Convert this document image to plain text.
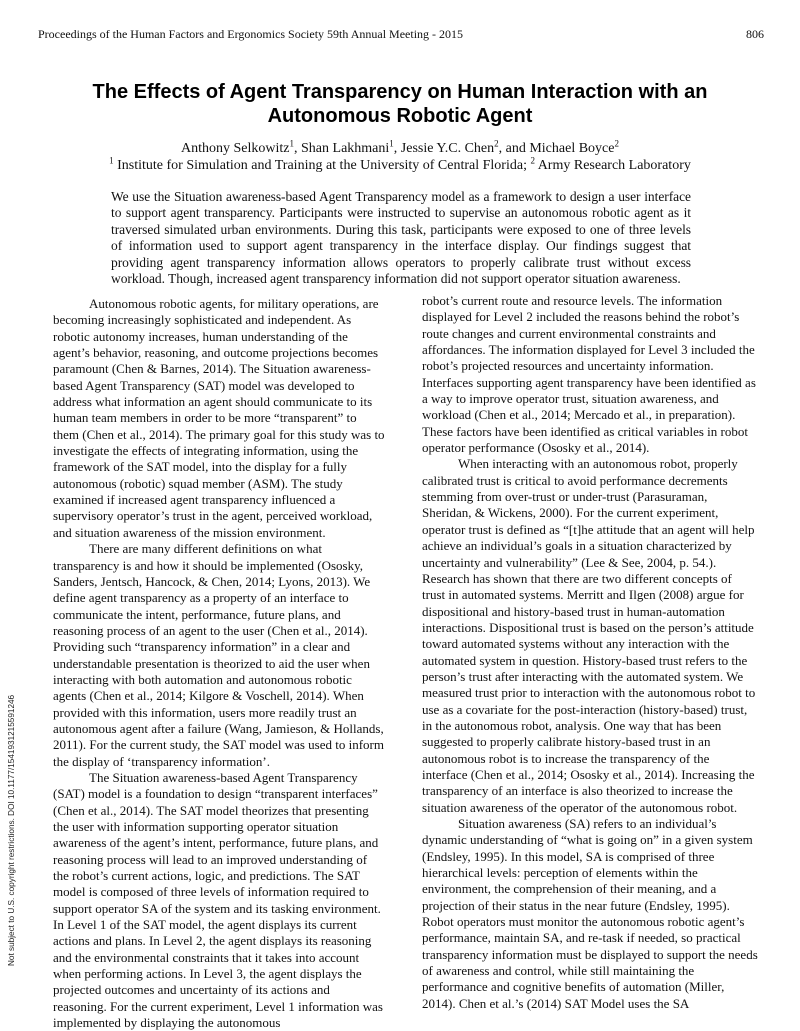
Proceedings of the Human Factors and Ergonomics Society 59th Annual Meeting - 2015	806
The Effects of Agent Transparency on Human Interaction with an Autonomous Robotic Agent
Anthony Selkowitz$^1$, Shan Lakhmani$^1$, Jessie Y.C. Chen$^2$, and Michael Boyce$^2$
$^1$ Institute for Simulation and Training at the University of Central Florida; $^2$ Army Research Laboratory
We use the Situation awareness-based Agent Transparency model as a framework to design a user interface to support agent transparency. Participants were instructed to supervise an autonomous robotic agent as it traversed simulated urban environments. During this task, participants were exposed to one of three levels of information used to support agent transparency in the interface display. Our findings suggest that providing agent transparency information allows operators to properly calibrate trust without excess workload. Though, increased agent transparency information did not support operator situation awareness.

Autonomous robotic agents, for military operations, are becoming increasingly sophisticated and independent. As robotic autonomy increases, human understanding of the agent’s behavior, reasoning, and outcome projections becomes paramount (Chen & Barnes, 2014). The Situation awareness-based Agent Transparency (SAT) model was developed to address what information an agent should communicate to its human team members in order to be more “transparent” to them (Chen et al., 2014). The primary goal for this study was to investigate the effects of integrating information, using the framework of the SAT model, into the display for a fully autonomous (robotic) squad member (ASM). The study examined if increased agent transparency influenced a supervisory operator’s trust in the agent, perceived workload, and situation awareness of the mission environment.

There are many different definitions on what transparency is and how it should be implemented (Ososky, Sanders, Jentsch, Hancock, & Chen, 2014; Lyons, 2013). We define agent transparency as a property of an interface to communicate the intent, performance, future plans, and reasoning process of an agent to the user (Chen et al., 2014). Providing such “transparency information” in a clear and understandable presentation is theorized to aid the user when interacting with both automation and autonomous robotic agents (Chen et al., 2014; Kilgore & Voschell, 2014). When provided with this information, users more readily trust an autonomous agent after a failure (Wang, Jamieson, & Hollands, 2011). For the current study, the SAT model was used to inform the display of ‘transparency information’.

The Situation awareness-based Agent Transparency (SAT) model is a foundation to design “transparent interfaces” (Chen et al., 2014). The SAT model theorizes that presenting the user with information supporting operator situation awareness of the agent’s intent, performance, future plans, and reasoning process will lead to an improved understanding of the robot’s current actions, logic, and predictions. The SAT model is composed of three levels of information required to support operator SA of the system and its tasking environment. In Level 1 of the SAT model, the agent displays its current actions and plans. In Level 2, the agent displays its reasoning and the environmental constraints that it takes into account when performing actions. In Level 3, the agent displays the projected outcomes and uncertainty of its actions and reasoning. For the current experiment, Level 1 information was implemented by displaying the autonomous

robot’s current route and resource levels. The information displayed for Level 2 included the reasons behind the robot’s route changes and current environmental constraints and affordances. The information displayed for Level 3 included the robot’s projected resources and uncertainty information. Interfaces supporting agent transparency have been identified as a way to improve operator trust, situation awareness, and workload (Chen et al., 2014; Mercado et al., in preparation). These factors have been identified as critical variables in robot operator performance (Ososky et al., 2014).

When interacting with an autonomous robot, properly calibrated trust is critical to avoid performance decrements stemming from over-trust or under-trust (Parasuraman, Sheridan, & Wickens, 2000). For the current experiment, operator trust is defined as “[t]he attitude that an agent will help achieve an individual’s goals in a situation characterized by uncertainty and vulnerability” (Lee & See, 2004, p. 54.). Research has shown that there are two different concepts of trust in automated systems. Merritt and Ilgen (2008) argue for dispositional and history-based trust in human-automation interactions. Dispositional trust is based on the person’s attitude toward automated systems without any interaction with the automated system in question. History-based trust refers to the person’s trust after interacting with the automated system. We measured trust prior to interaction with the autonomous robot to use as a covariate for the post-interaction (history-based) trust, in the autonomous robot, analysis. One way that has been suggested to properly calibrate history-based trust in an autonomous robot is to increase the transparency of the interface (Chen et al., 2014; Ososky et al., 2014). Increasing the transparency of an interface is also theorized to increase the situation awareness of the operator of the autonomous robot.

Situation awareness (SA) refers to an individual’s dynamic understanding of “what is going on” in a given system (Endsley, 1995). In this model, SA is comprised of three hierarchical levels: perception of elements within the environment, the comprehension of their meaning, and a projection of their status in the near future (Endsley, 1995). Robot operators must monitor the autonomous robotic agent’s performance, maintain SA, and re-task if needed, so practical transparency information must be displayed to support the needs of awareness and control, while still maintaining the performance and cognitive benefits of automation (Miller, 2014). Chen et al.’s (2014) SAT Model uses the SA

Not subject to U.S. copyright restrictions. DOI 10.1177/1541931215591246
